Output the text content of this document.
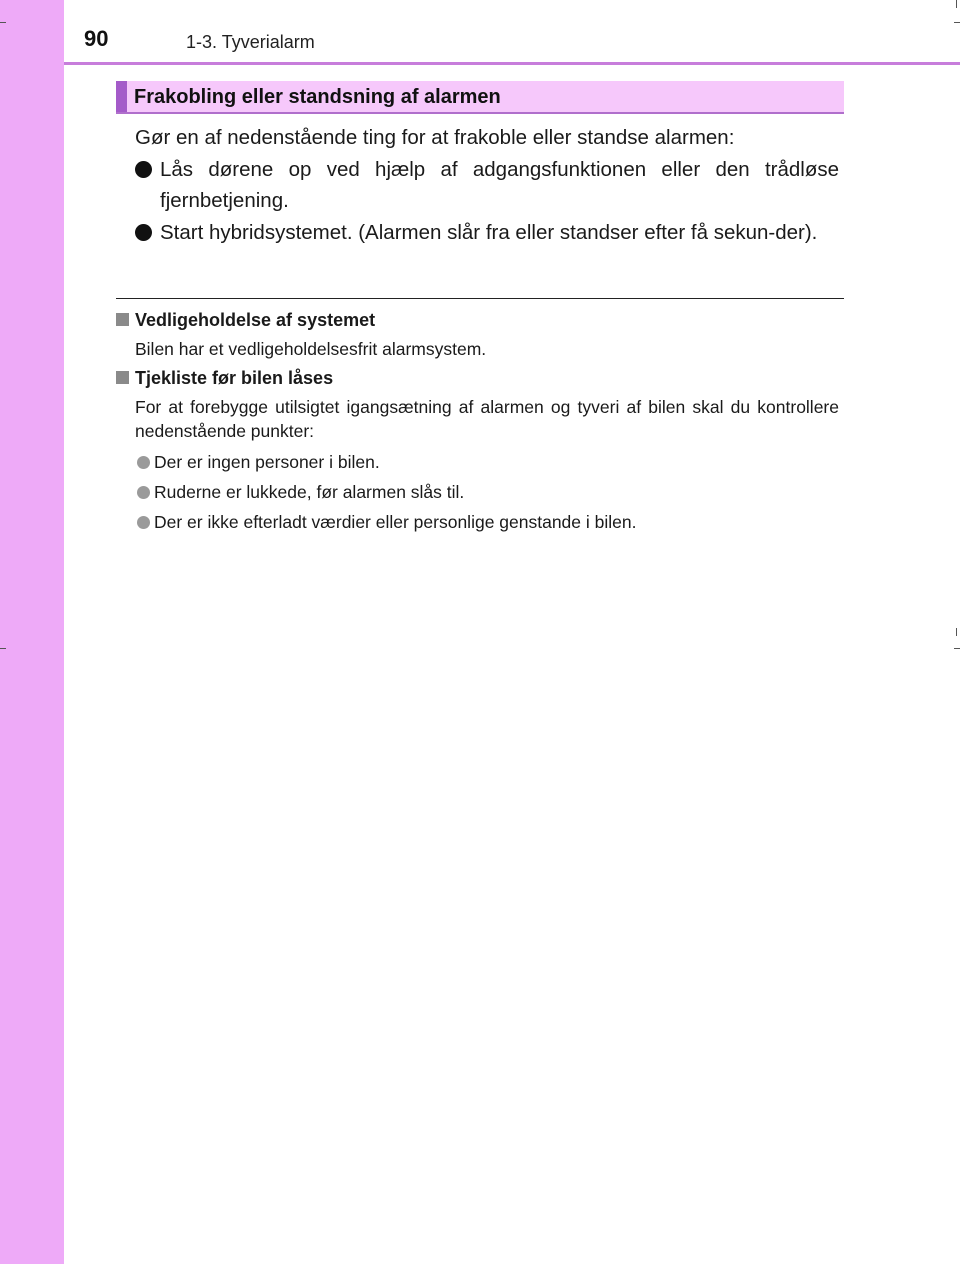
90	1-3. Tyverialarm
Frakobling eller standsning af alarmen
Gør en af nedenstående ting for at frakoble eller standse alarmen:
Lås dørene op ved hjælp af adgangsfunktionen eller den trådløse fjernbetjening.
Start hybridsystemet. (Alarmen slår fra eller standser efter få sekun-der).
Vedligeholdelse af systemet
Bilen har et vedligeholdelsesfrit alarmsystem.
Tjekliste før bilen låses
For at forebygge utilsigtet igangsætning af alarmen og tyveri af bilen skal du kontrollere nedenstående punkter:
Der er ingen personer i bilen.
Ruderne er lukkede, før alarmen slås til.
Der er ikke efterladt værdier eller personlige genstande i bilen.
